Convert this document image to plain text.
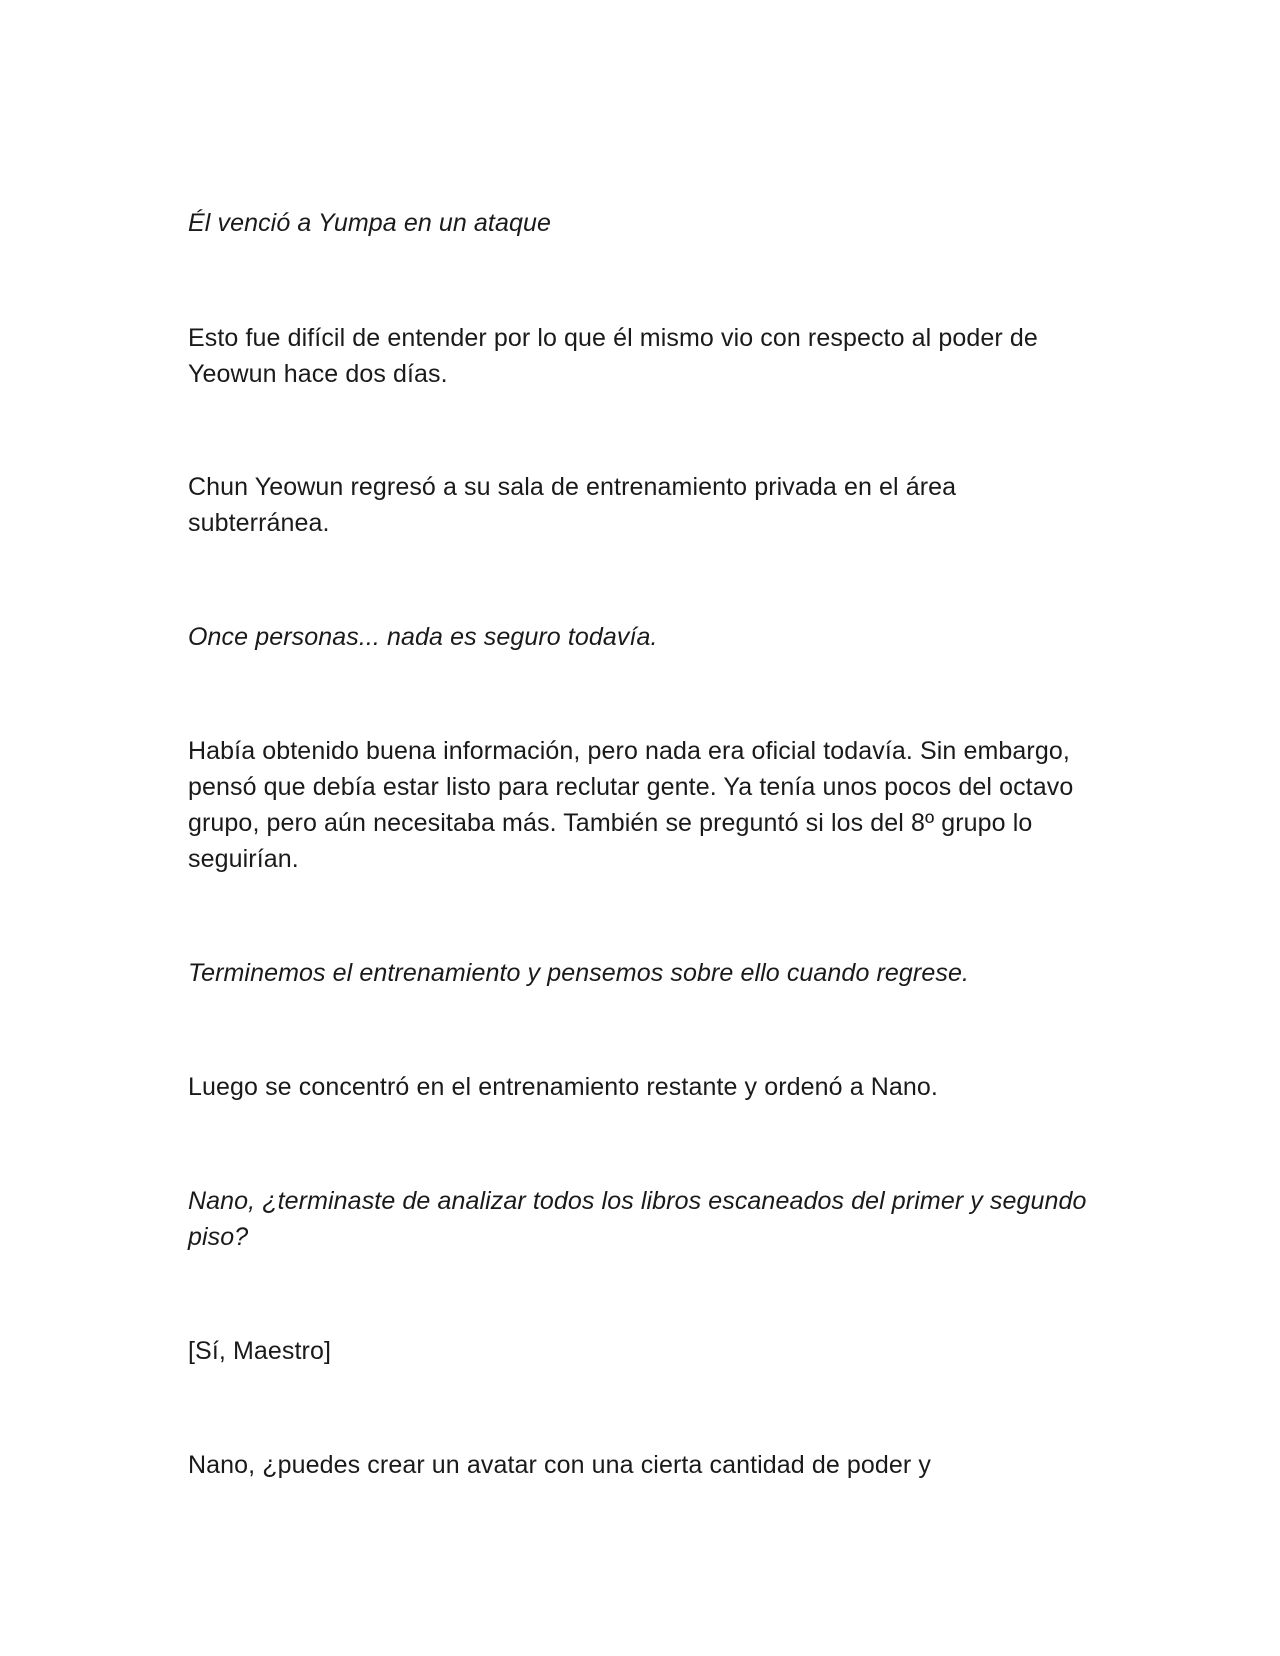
Él venció a Yumpa en un ataque

Esto fue difícil de entender por lo que él mismo vio con respecto al poder de Yeowun hace dos días.

Chun Yeowun regresó a su sala de entrenamiento privada en el área subterránea.

Once personas... nada es seguro todavía.

Había obtenido buena información, pero nada era oficial todavía. Sin embargo, pensó que debía estar listo para reclutar gente. Ya tenía unos pocos del octavo grupo, pero aún necesitaba más. También se preguntó si los del 8º grupo lo seguirían.

Terminemos el entrenamiento y pensemos sobre ello cuando regrese.

Luego se concentró en el entrenamiento restante y ordenó a Nano.

Nano, ¿terminaste de analizar todos los libros escaneados del primer y segundo piso?

[Sí, Maestro]

Nano, ¿puedes crear un avatar con una cierta cantidad de poder y
